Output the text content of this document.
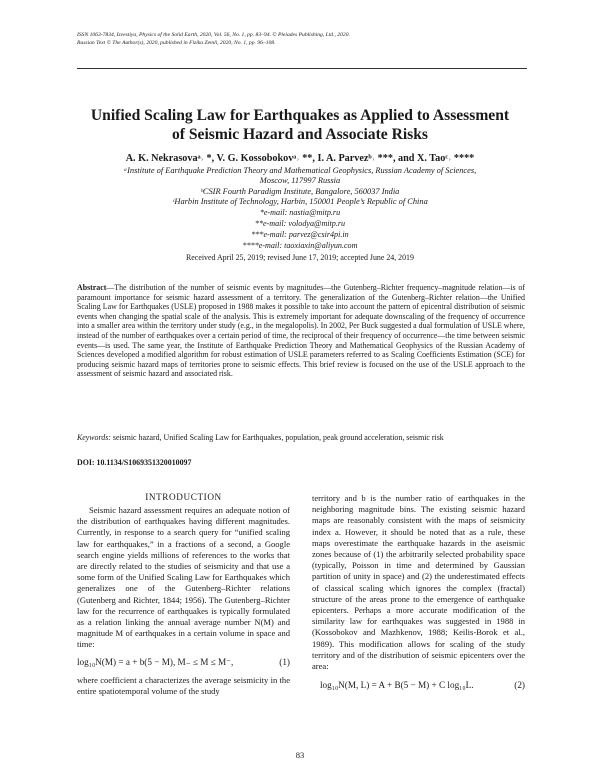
ISSN 1063-7834, Izvestiya, Physics of the Solid Earth, 2020, Vol. 56, No. 1, pp. 83–94. © Pleiades Publishing, Ltd., 2020.
Russian Text © The Author(s), 2020, published in Fizika Zemli, 2020, No. 1, pp. 96–108.
Unified Scaling Law for Earthquakes as Applied to Assessment
of Seismic Hazard and Associate Risks
A. K. Nekrasovaᵃ˒ *, V. G. Kossobokovᵃ˒ **, I. A. Parvezᵇ˒ ***, and X. Taoᶜ˒ ****
ᵃInstitute of Earthquake Prediction Theory and Mathematical Geophysics, Russian Academy of Sciences,
Moscow, 117997 Russia
ᵇCSIR Fourth Paradigm Institute, Bangalore, 560037 India
ᶜHarbin Institute of Technology, Harbin, 150001 People’s Republic of China
*e-mail: nastia@mitp.ru
**e-mail: volodya@mitp.ru
***e-mail: parvez@csir4pi.in
****e-mail: taoxiaxin@aliyun.com
Received April 25, 2019; revised June 17, 2019; accepted June 24, 2019
Abstract—The distribution of the number of seismic events by magnitudes—the Gutenberg–Richter frequency–magnitude relation—is of paramount importance for seismic hazard assessment of a territory. The generalization of the Gutenberg–Richter relation—the Unified Scaling Law for Earthquakes (USLE) proposed in 1988 makes it possible to take into account the pattern of epicentral distribution of seismic events when changing the spatial scale of the analysis. This is extremely important for adequate downscaling of the frequency of occurrence into a smaller area within the territory under study (e.g., in the megalopolis). In 2002, Per Buck suggested a dual formulation of USLE where, instead of the number of earthquakes over a certain period of time, the reciprocal of their frequency of occurrence—the time between seismic events—is used. The same year, the Institute of Earthquake Prediction Theory and Mathematical Geophysics of the Russian Academy of Sciences developed a modified algorithm for robust estimation of USLE parameters referred to as Scaling Coefficients Estimation (SCE) for producing seismic hazard maps of territories prone to seismic effects. This brief review is focused on the use of the USLE approach to the assessment of seismic hazard and associated risk.
Keywords: seismic hazard, Unified Scaling Law for Earthquakes, population, peak ground acceleration, seismic risk
DOI: 10.1134/S1069351320010097
INTRODUCTION

Seismic hazard assessment requires an adequate notion of the distribution of earthquakes having different magnitudes. Currently, in response to a search query for “unified scaling law for earthquakes,” in a fractions of a second, a Google search engine yields millions of references to the works that are directly related to the studies of seismicity and that use a some form of the Unified Scaling Law for Earthquakes which generalizes one of the Gutenberg–Richter relations (Gutenberg and Richter, 1844; 1956). The Gutenberg–Richter law for the recurrence of earthquakes is typically formulated as a relation linking the annual average number N(M) and magnitude M of earthquakes in a certain volume in space and time:

log₁₀N(M) = a + b(5 − M), M₋ ≤ M ≤ M⁻,	(1)

where coefficient a characterizes the average seismicity in the entire spatiotemporal volume of the study

territory and b is the number ratio of earthquakes in the neighboring magnitude bins. The existing seismic hazard maps are reasonably consistent with the maps of seismicity index a. However, it should be noted that as a rule, these maps overestimate the earthquake hazards in the aseismic zones because of (1) the arbitrarily selected probability space (typically, Poisson in time and determined by Gaussian partition of unity in space) and (2) the underestimated effects of classical scaling which ignores the complex (fractal) structure of the areas prone to the emergence of earthquake epicenters. Perhaps a more accurate modification of the similarity law for earthquakes was suggested in 1988 in (Kossobokov and Mazhkenov, 1988; Keilis-Borok et al., 1989). This modification allows for scaling of the study territory and of the distribution of seismic epicenters over the area:

log₁₀N(M, L) = A + B(5 − M) + C log₁₀L.	(2)
83
